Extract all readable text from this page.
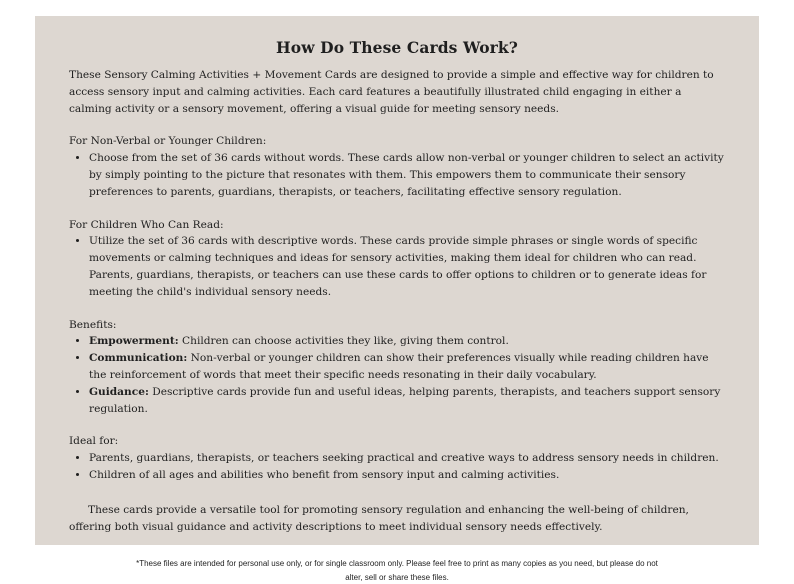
How Do These Cards Work?

These Sensory Calming Activities + Movement Cards are designed to provide a simple and effective way for children to access sensory input and calming activities. Each card features a beautifully illustrated child engaging in either a calming activity or a sensory movement, offering a visual guide for meeting sensory needs.

For Non-Verbal or Younger Children:
• Choose from the set of 36 cards without words. These cards allow non-verbal or younger children to select an activity by simply pointing to the picture that resonates with them. This empowers them to communicate their sensory preferences to parents, guardians, therapists, or teachers, facilitating effective sensory regulation.
For Children Who Can Read:
• Utilize the set of 36 cards with descriptive words. These cards provide simple phrases or single words of specific movements or calming techniques and ideas for sensory activities, making them ideal for children who can read. Parents, guardians, therapists, or teachers can use these cards to offer options to children or to generate ideas for meeting the child's individual sensory needs.
Benefits:
• Empowerment: Children can choose activities they like, giving them control.
• Communication: Non-verbal or younger children can show their preferences visually while reading children have the reinforcement of words that meet their specific needs resonating in their daily vocabulary.
• Guidance: Descriptive cards provide fun and useful ideas, helping parents, therapists, and teachers support sensory regulation.
Ideal for:
• Parents, guardians, therapists, or teachers seeking practical and creative ways to address sensory needs in children.
• Children of all ages and abilities who benefit from sensory input and calming activities.

These cards provide a versatile tool for promoting sensory regulation and enhancing the well-being of children, offering both visual guidance and activity descriptions to meet individual sensory needs effectively.

*These files are intended for personal use only, or for single classroom only. Please feel free to print as many copies as you need, but please do not alter, sell or share these files.
